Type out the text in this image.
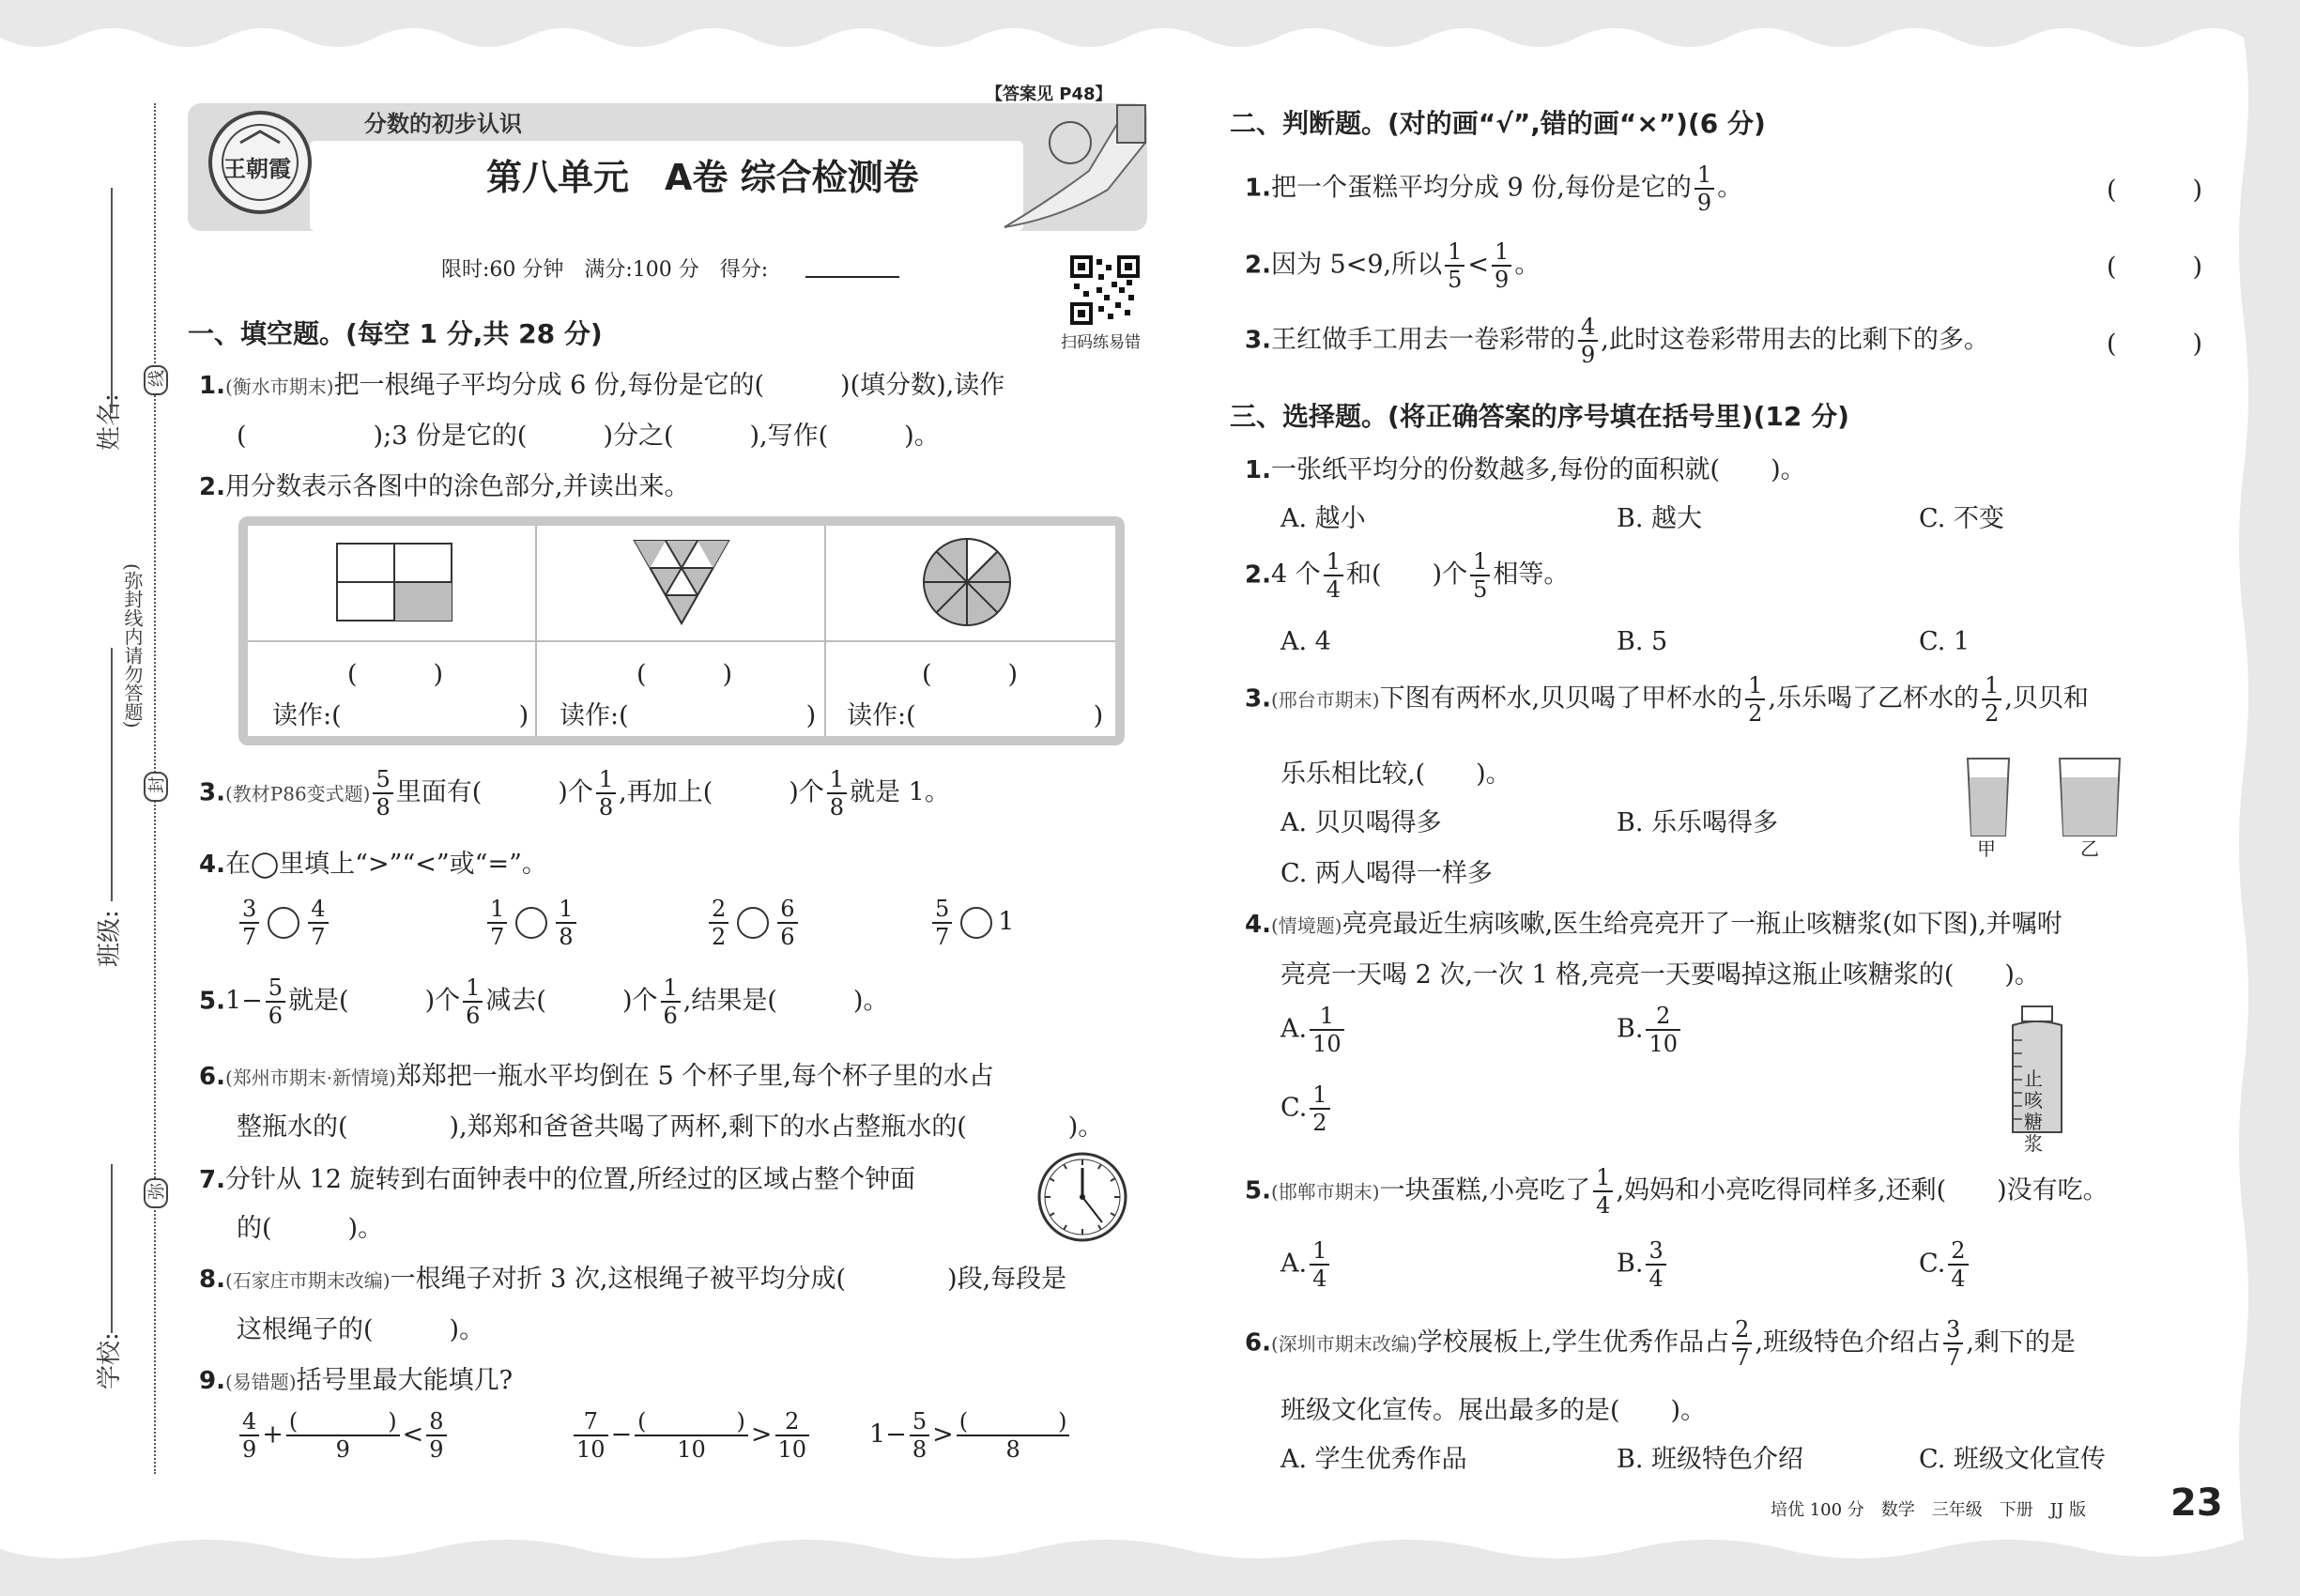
姓名:
班级:
学校:
(弥封线内请勿答题)
线
封
弥
王朝霞
分数的初步认识
【答案见 P48】
第八单元　A卷 综合检测卷
限时:60 分钟　满分:100 分　得分:
扫码练易错
一、填空题。(每空 1 分,共 28 分)
1.(衡水市期末)把一根绳子平均分成 6 份,每份是它的(　　　)(填分数),读作
(　　　　　);3 份是它的(　　　)分之(　　　),写作(　　　)。
2.用分数表示各图中的涂色部分,并读出来。
(　　　)	(　　　)	(　　　)
读作:(　　　　　　　) 读作:(　　　　　　　) 读作:(　　　　　　　)
3.(教材P86变式题) $\frac{5}{8}$ 里面有(　　　)个 $\frac{1}{8}$ ,再加上(　　　)个 $\frac{1}{8}$ 就是 1。
4.在◯里填上“>”“<”或“=”。
$\frac{3}{7} \frac{4}{7}$	$\frac{1}{7} \frac{1}{8}$	$\frac{2}{2} \frac{6}{6}$	$\frac{5}{7} 1$
$5.1- \frac{5}{6}$ 就是(　　　)个 $\frac{1}{6}$ 减去(　　　)个 $\frac{1}{6}$ ,结果是(　　　)。
6.(郑州市期末·新情境)郑郑把一瓶水平均倒在 5 个杯子里,每个杯子里的水占
整瓶水的(　　　　),郑郑和爸爸共喝了两杯,剩下的水占整瓶水的(　　　　)。
7.分针从 12 旋转到右面钟表中的位置,所经过的区域占整个钟面
的(　　　)。
8.(石家庄市期末改编)一根绳子对折 3 次,这根绳子被平均分成(　　　　)段,每段是
这根绳子的(　　　)。
9.(易错题)括号里最大能填几?
$\frac{4}{9} + \frac{( )}{9} < \frac{8}{9}$	$\frac{7}{10} - \frac{( )}{10} > \frac{2}{10} 1- \frac{5}{8} > \frac{( )}{8}$
二、判断题。(对的画“√”,错的画“×”)(6 分)
1.把一个蛋糕平均分成 9 份,每份是它的 $\frac{1}{9}$ 。	(　　　)
2.因为 5<9,所以 $\frac{1}{5} < \frac{1}{9}$ 。	(　　　)
3.王红做手工用去一卷彩带的 $\frac{4}{9}$ ,此时这卷彩带用去的比剩下的多。	(　　　)
三、选择题。(将正确答案的序号填在括号里)(12 分)
1.一张纸平均分的份数越多,每份的面积就(　　)。
A. 越小	B. 越大	C. 不变
2.4 个 $\frac{1}{4}$ 和(　　)个 $\frac{1}{5}$ 相等。
A. 4	B. 5	C. 1
3.(邢台市期末)下图有两杯水,贝贝喝了甲杯水的 $\frac{1}{2}$ ,乐乐喝了乙杯水的 $\frac{1}{2}$ ,贝贝和
乐乐相比较,(　　)。
A. 贝贝喝得多	B. 乐乐喝得多
C. 两人喝得一样多
甲	乙
4.(情境题)亮亮最近生病咳嗽,医生给亮亮开了一瓶止咳糖浆(如下图),并嘱咐
亮亮一天喝 2 次,一次 1 格,亮亮一天要喝掉这瓶止咳糖浆的(　　)。
A. $\frac{1}{10}$	B. $\frac{2}{10}$
C. $\frac{1}{2}$
止咳糖浆
5.(邯郸市期末)一块蛋糕,小亮吃了 $\frac{1}{4}$ ,妈妈和小亮吃得同样多,还剩(　　)没有吃。
A. $\frac{1}{4}$	B. $\frac{3}{4}$	C. $\frac{2}{4}$
6.(深圳市期末改编)学校展板上,学生优秀作品占 $\frac{2}{7}$ ,班级特色介绍占 $\frac{3}{7}$ ,剩下的是
班级文化宣传。展出最多的是(　　)。
A. 学生优秀作品	B. 班级特色介绍	C. 班级文化宣传
培优 100 分　数学　三年级　下册　JJ 版 23
